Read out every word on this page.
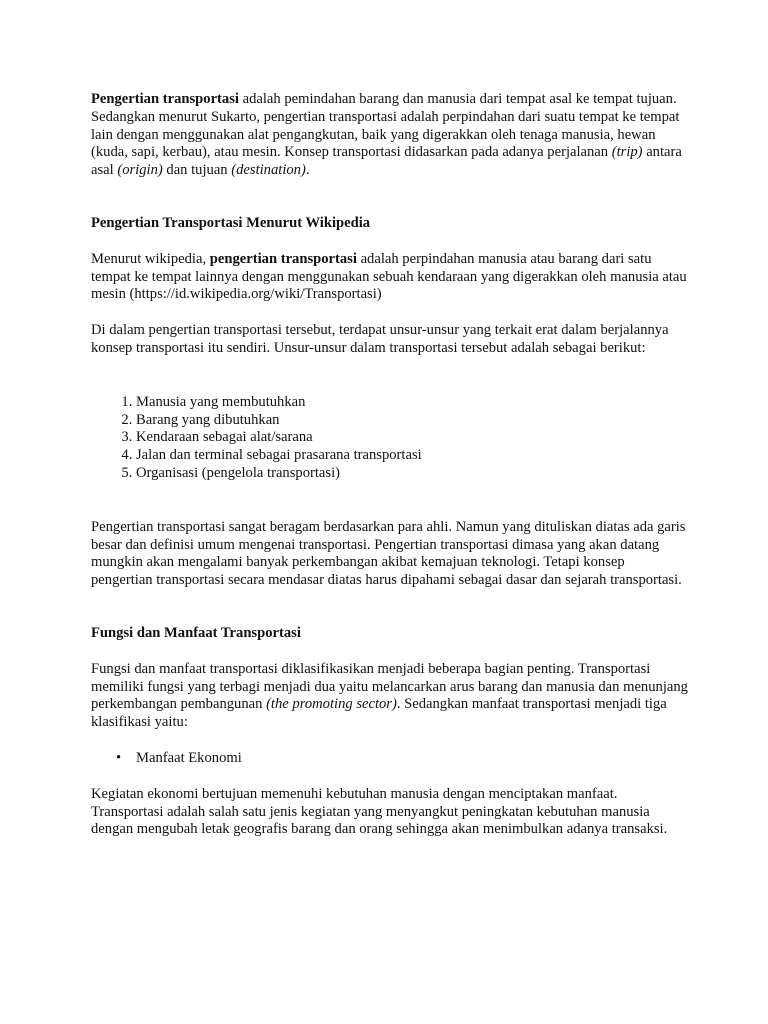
Pengertian transportasi adalah pemindahan barang dan manusia dari tempat asal ke tempat tujuan. Sedangkan menurut Sukarto, pengertian transportasi adalah perpindahan dari suatu tempat ke tempat lain dengan menggunakan alat pengangkutan, baik yang digerakkan oleh tenaga manusia, hewan (kuda, sapi, kerbau), atau mesin. Konsep transportasi didasarkan pada adanya perjalanan (trip) antara asal (origin) dan tujuan (destination).

Pengertian Transportasi Menurut Wikipedia

Menurut wikipedia, pengertian transportasi adalah perpindahan manusia atau barang dari satu tempat ke tempat lainnya dengan menggunakan sebuah kendaraan yang digerakkan oleh manusia atau mesin (https://id.wikipedia.org/wiki/Transportasi)

Di dalam pengertian transportasi tersebut, terdapat unsur-unsur yang terkait erat dalam berjalannya konsep transportasi itu sendiri. Unsur-unsur dalam transportasi tersebut adalah sebagai berikut:

1. Manusia yang membutuhkan
2. Barang yang dibutuhkan
3. Kendaraan sebagai alat/sarana
4. Jalan dan terminal sebagai prasarana transportasi
5. Organisasi (pengelola transportasi)

Pengertian transportasi sangat beragam berdasarkan para ahli. Namun yang dituliskan diatas ada garis besar dan definisi umum mengenai transportasi. Pengertian transportasi dimasa yang akan datang mungkin akan mengalami banyak perkembangan akibat kemajuan teknologi. Tetapi konsep pengertian transportasi secara mendasar diatas harus dipahami sebagai dasar dan sejarah transportasi.

Fungsi dan Manfaat Transportasi

Fungsi dan manfaat transportasi diklasifikasikan menjadi beberapa bagian penting. Transportasi memiliki fungsi yang terbagi menjadi dua yaitu melancarkan arus barang dan manusia dan menunjang perkembangan pembangunan (the promoting sector). Sedangkan manfaat transportasi menjadi tiga klasifikasi yaitu:

• Manfaat Ekonomi

Kegiatan ekonomi bertujuan memenuhi kebutuhan manusia dengan menciptakan manfaat. Transportasi adalah salah satu jenis kegiatan yang menyangkut peningkatan kebutuhan manusia dengan mengubah letak geografis barang dan orang sehingga akan menimbulkan adanya transaksi.
